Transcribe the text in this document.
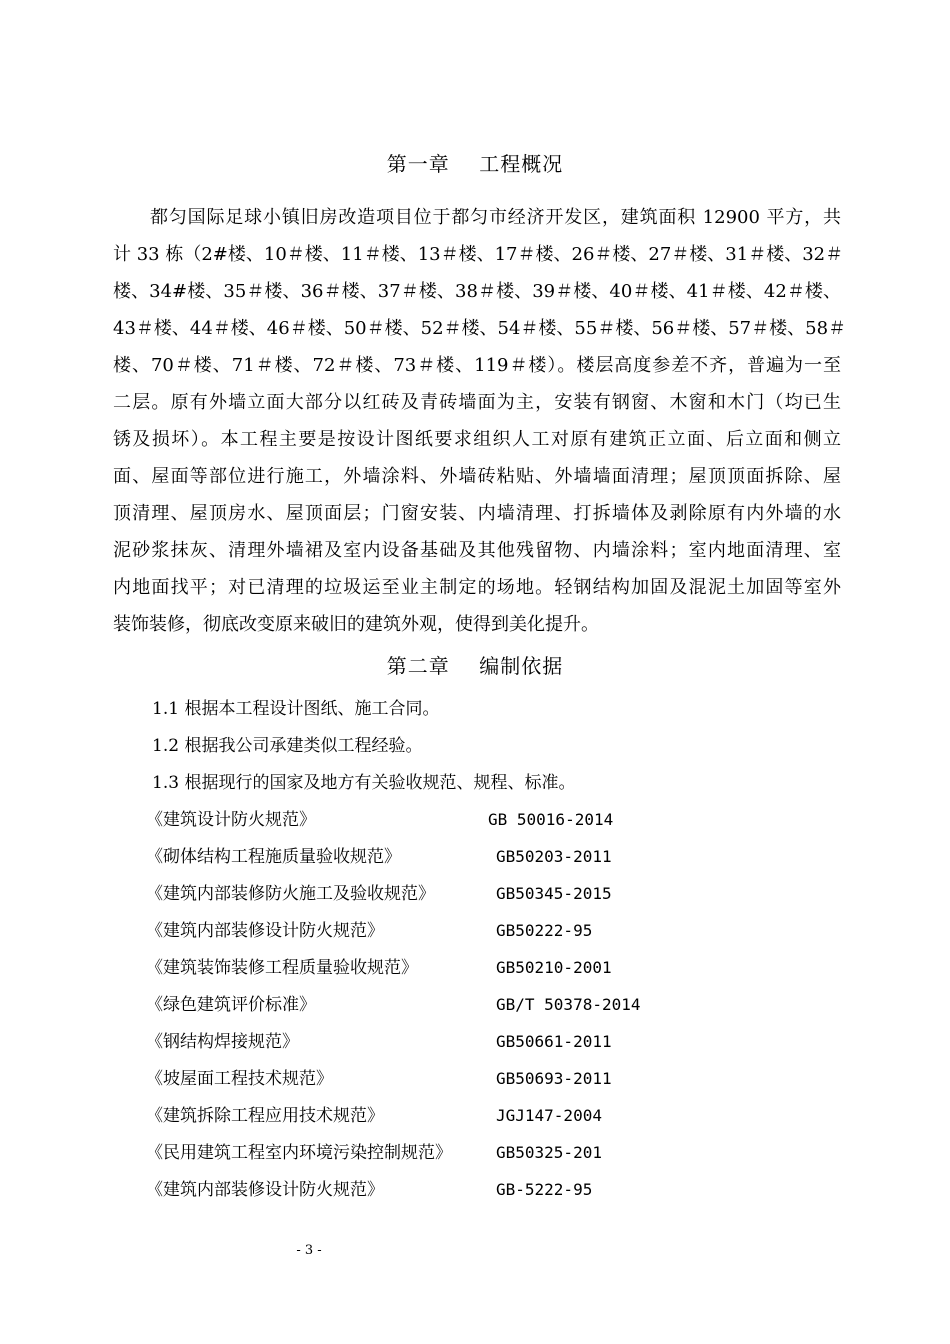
第一章    工程概况
都匀国际足球小镇旧房改造项目位于都匀市经济开发区，建筑面积 12900 平方，共
计 33 栋（2#楼、10＃楼、11＃楼、13＃楼、17＃楼、26＃楼、27＃楼、31＃楼、32＃
楼、34#楼、35＃楼、36＃楼、37＃楼、38＃楼、39＃楼、40＃楼、41＃楼、42＃楼、
43＃楼、44＃楼、46＃楼、50＃楼、52＃楼、54＃楼、55＃楼、56＃楼、57＃楼、58＃
楼、70＃楼、71＃楼、72＃楼、73＃楼、119＃楼）。楼层高度参差不齐，普遍为一至
二层。原有外墙立面大部分以红砖及青砖墙面为主，安装有钢窗、木窗和木门（均已生
锈及损坏）。本工程主要是按设计图纸要求组织人工对原有建筑正立面、后立面和侧立
面、屋面等部位进行施工，外墙涂料、外墙砖粘贴、外墙墙面清理；屋顶顶面拆除、屋
顶清理、屋顶房水、屋顶面层；门窗安装、内墙清理、打拆墙体及剥除原有内外墙的水
泥砂浆抹灰、清理外墙裙及室内设备基础及其他残留物、内墙涂料；室内地面清理、室
内地面找平；对已清理的垃圾运至业主制定的场地。轻钢结构加固及混泥土加固等室外
装饰装修，彻底改变原来破旧的建筑外观，使得到美化提升。
第二章    编制依据
1.1 根据本工程设计图纸、施工合同。
1.2 根据我公司承建类似工程经验。
1.3 根据现行的国家及地方有关验收规范、规程、标准。
《建筑设计防火规范》	GB 50016-2014
《砌体结构工程施质量验收规范》	GB50203-2011
《建筑内部装修防火施工及验收规范》	GB50345-2015
《建筑内部装修设计防火规范》	GB50222-95
《建筑装饰装修工程质量验收规范》	GB50210-2001
《绿色建筑评价标准》	GB/T 50378-2014
《钢结构焊接规范》	GB50661-2011
《坡屋面工程技术规范》	GB50693-2011
《建筑拆除工程应用技术规范》	JGJ147-2004
《民用建筑工程室内环境污染控制规范》	GB50325-201
《建筑内部装修设计防火规范》	GB-5222-95
- 3 -
